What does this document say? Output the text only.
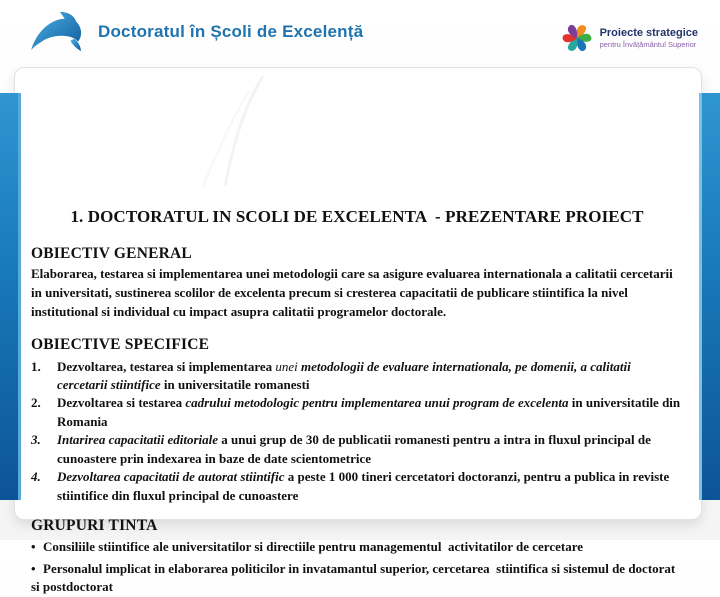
Doctoratul în Școli de Excelență	Proiecte strategice
pentru Învățământul Superior
1. DOCTORATUL IN SCOLI DE EXCELENTA  - PREZENTARE PROIECT
OBIECTIV GENERAL

Elaborarea, testarea si implementarea unei metodologii care sa asigure evaluarea internationala a calitatii cercetarii in universitati, sustinerea scolilor de excelenta precum si cresterea capacitatii de publicare stiintifica la nivel institutional si individual cu impact asupra calitatii programelor doctorale.

OBIECTIVE SPECIFICE
1.	Dezvoltarea, testarea si implementarea unei metodologii de evaluare internationala, pe domenii, a calitatii cercetarii stiintifice in universitatile romanesti
2.	Dezvoltarea si testarea cadrului metodologic pentru implementarea unui program de excelenta in universitatile din Romania
3.	Intarirea capacitatii editoriale a unui grup de 30 de publicatii romanesti pentru a intra in fluxul principal de cunoastere prin indexarea in baze de date scientometrice
4.	Dezvoltarea capacitatii de autorat stiintific a peste 1 000 tineri cercetatori doctoranzi, pentru a publica in reviste stiintifice din fluxul principal de cunoastere
GRUPURI TINTA

• Consiliile stiintifice ale universitatilor si directiile pentru managementul  activitatilor de cercetare

• Personalul implicat in elaborarea politicilor in invatamantul superior, cercetarea  stiintifica si sistemul de doctorat si postdoctorat
